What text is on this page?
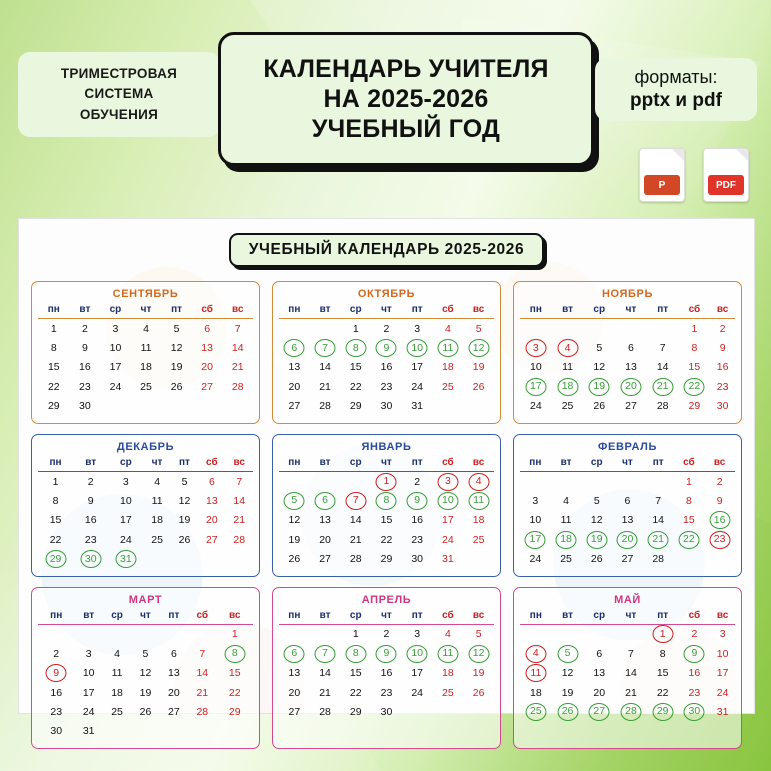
ТРИМЕСТРОВАЯ
СИСТЕМА
ОБУЧЕНИЯ
КАЛЕНДАРЬ УЧИТЕЛЯ
НА 2025-2026
УЧЕБНЫЙ ГОД
форматы:
pptx и pdf
P	PDF
УЧЕБНЫЙ КАЛЕНДАРЬ 2025-2026
СЕНТЯБРЬ
пн	вт	ср	чт	пт	сб	вс
1	2	3	4	5	6	7
8	9	10	11	12	13	14
15	16	17	18	19	20	21
22	23	24	25	26	27	28
29	30					
ОКТЯБРЬ
пн	вт	ср	чт	пт	сб	вс
		1	2	3	4	5
6	7	8	9	10	11	12
13	14	15	16	17	18	19
20	21	22	23	24	25	26
27	28	29	30	31		
НОЯБРЬ
пн	вт	ср	чт	пт	сб	вс
					1	2
3	4	5	6	7	8	9
10	11	12	13	14	15	16
17	18	19	20	21	22	23
24	25	26	27	28	29	30
ДЕКАБРЬ
пн	вт	ср	чт	пт	сб	вс
1	2	3	4	5	6	7
8	9	10	11	12	13	14
15	16	17	18	19	20	21
22	23	24	25	26	27	28
29	30	31				
ЯНВАРЬ
пн	вт	ср	чт	пт	сб	вс
			1	2	3	4
5	6	7	8	9	10	11
12	13	14	15	16	17	18
19	20	21	22	23	24	25
26	27	28	29	30	31	
ФЕВРАЛЬ
пн	вт	ср	чт	пт	сб	вс
					1	2
3	4	5	6	7	8	9
10	11	12	13	14	15	16
17	18	19	20	21	22	23
24	25	26	27	28		
МАРТ
пн	вт	ср	чт	пт	сб	вс
						1
2	3	4	5	6	7	8
9	10	11	12	13	14	15
16	17	18	19	20	21	22
23	24	25	26	27	28	29
30	31					
АПРЕЛЬ
пн	вт	ср	чт	пт	сб	вс
		1	2	3	4	5
6	7	8	9	10	11	12
13	14	15	16	17	18	19
20	21	22	23	24	25	26
27	28	29	30			
МАЙ
пн	вт	ср	чт	пт	сб	вс
				1	2	3
4	5	6	7	8	9	10
11	12	13	14	15	16	17
18	19	20	21	22	23	24
25	26	27	28	29	30	31
